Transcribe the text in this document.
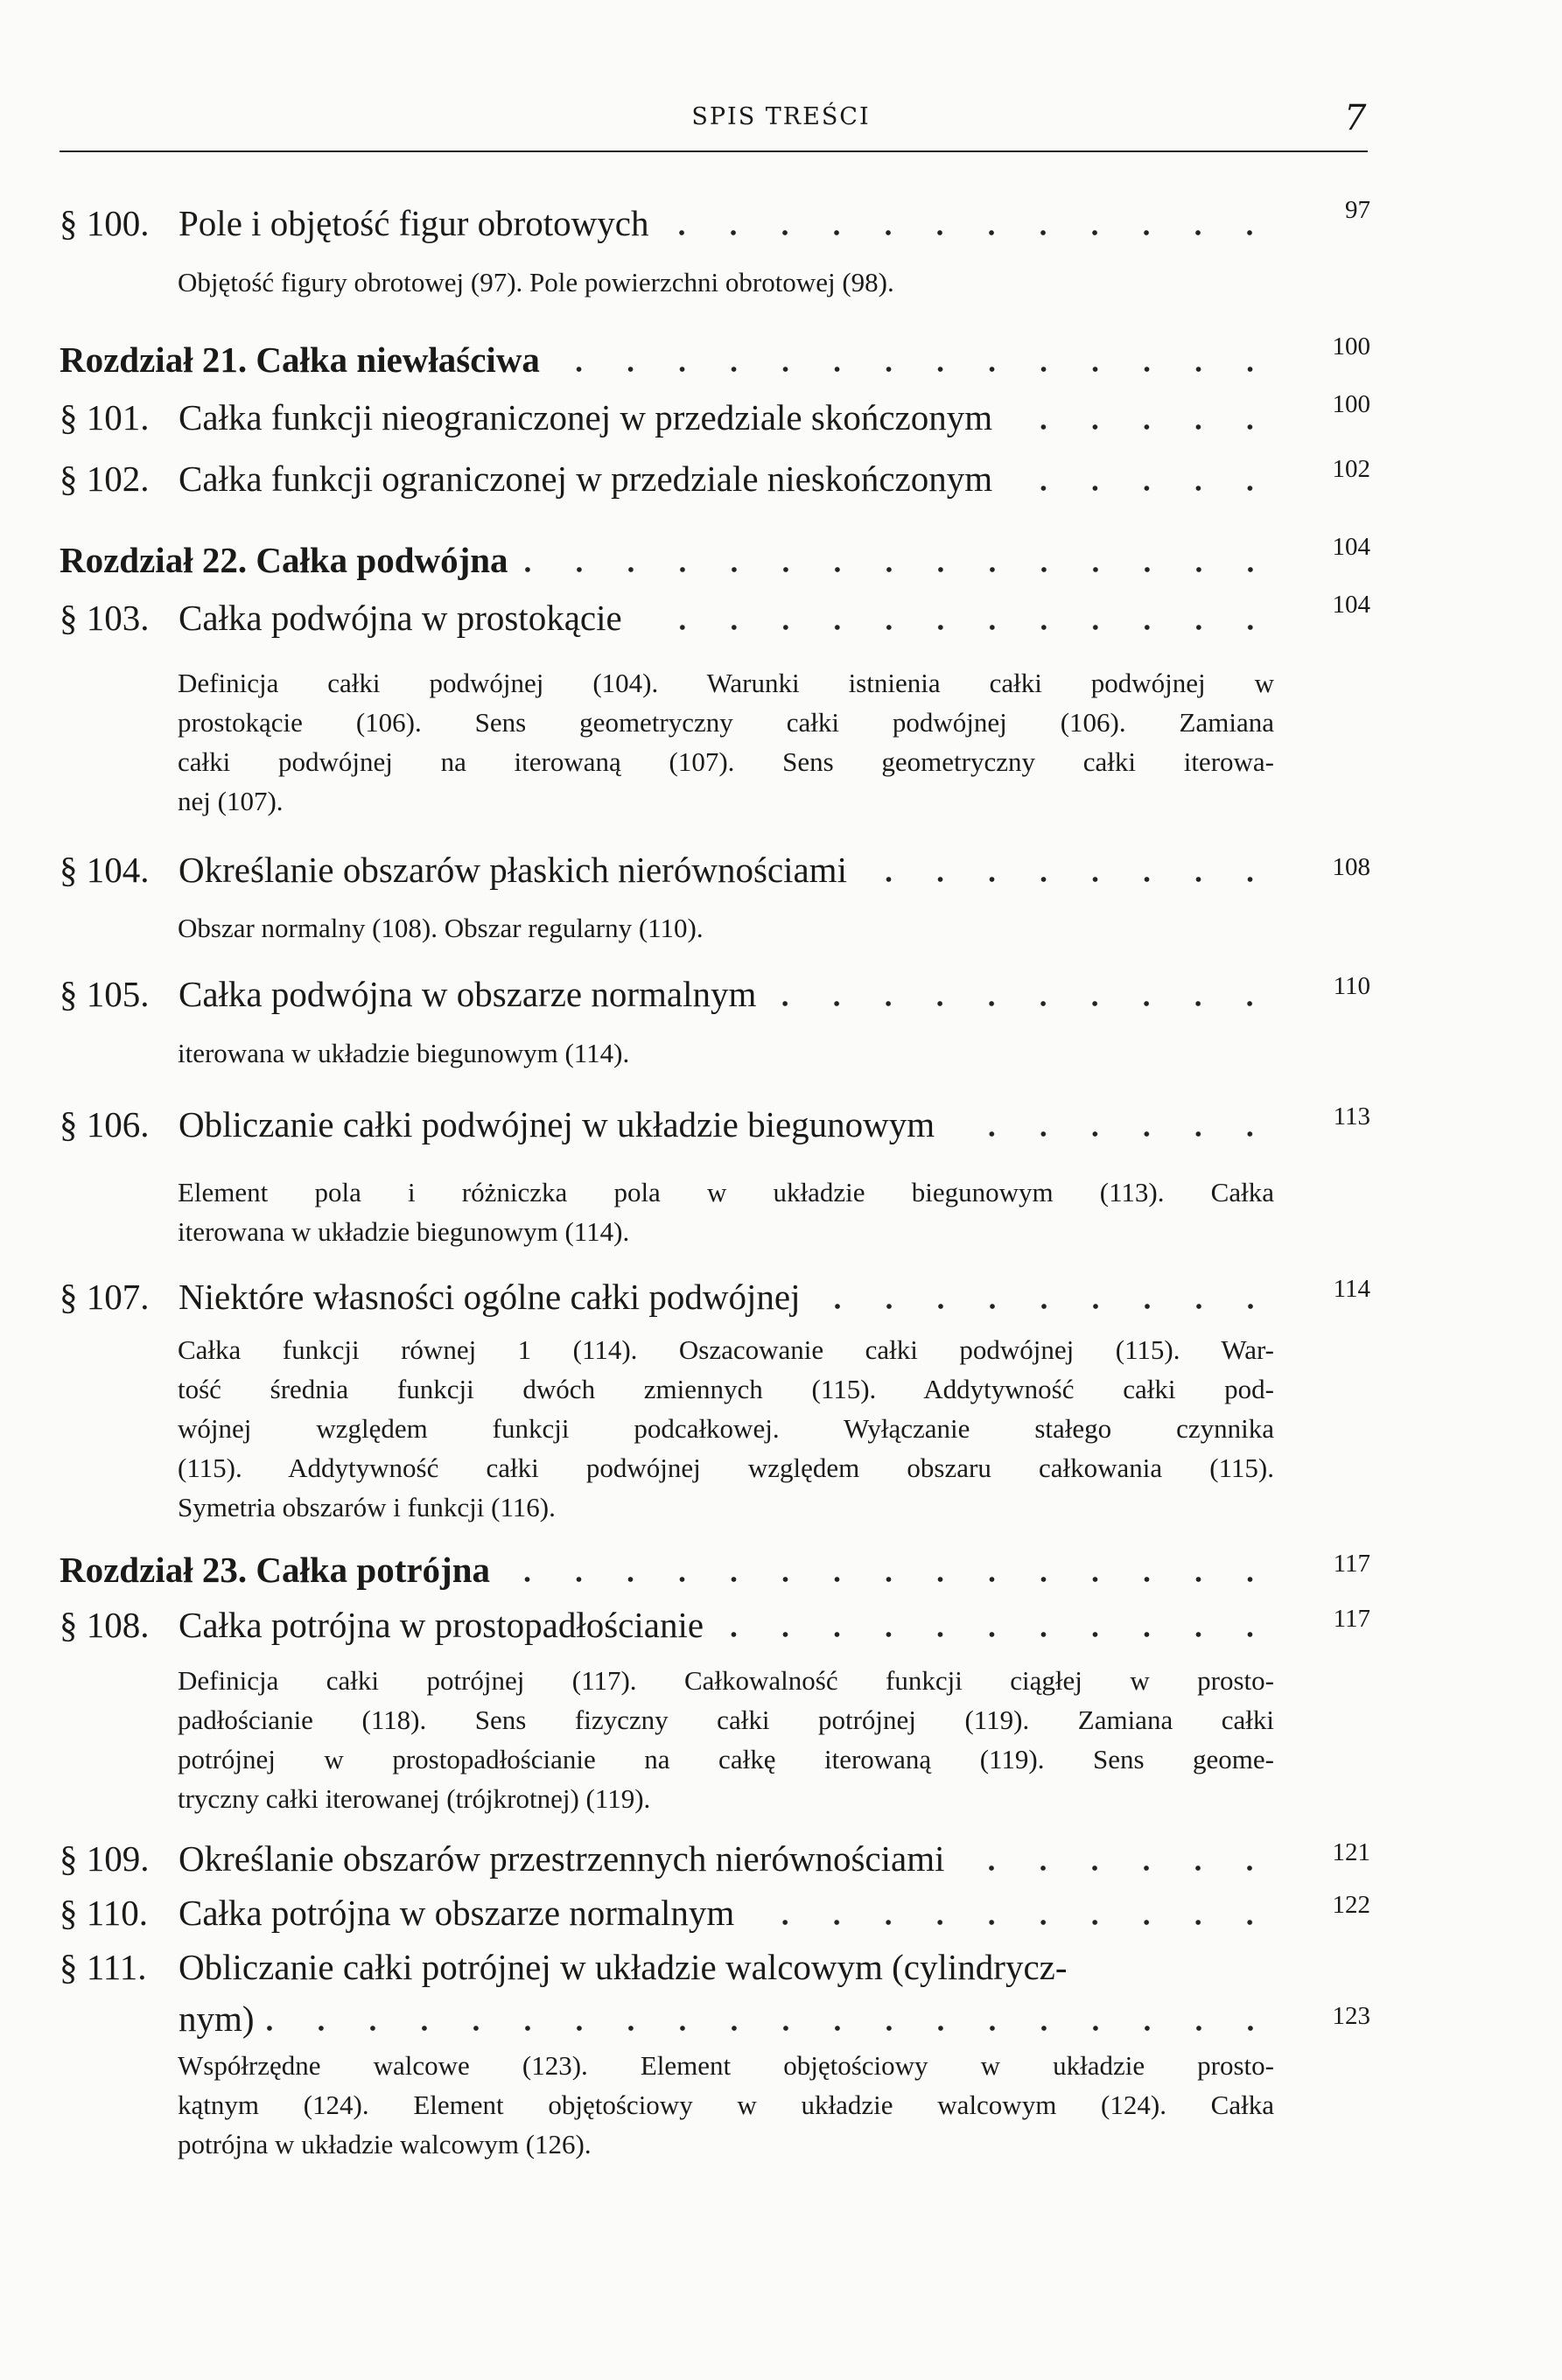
SPIS TREŚCI	7
§ 100. Pole i objętość figur obrotowych	97
Objętość figury obrotowej (97). Pole powierzchni obrotowej (98).
Rozdział 21. Całka niewłaściwa	100
§ 101. Całka funkcji nieograniczonej w przedziale skończonym	100
§ 102. Całka funkcji ograniczonej w przedziale nieskończonym	102
Rozdział 22. Całka podwójna	104
§ 103. Całka podwójna w prostokącie	104
Definicja całki podwójnej (104). Warunki istnienia całki podwójnej w
prostokącie (106). Sens geometryczny całki podwójnej (106). Zamiana
całki podwójnej na iterowaną (107). Sens geometryczny całki iterowa-
nej (107).
§ 104. Określanie obszarów płaskich nierównościami	108
Obszar normalny (108). Obszar regularny (110).
§ 105. Całka podwójna w obszarze normalnym	110
iterowana w układzie biegunowym (114).
§ 106. Obliczanie całki podwójnej w układzie biegunowym	113
Element pola i różniczka pola w układzie biegunowym (113). Całka
iterowana w układzie biegunowym (114).
§ 107. Niektóre własności ogólne całki podwójnej	114
Całka funkcji równej 1 (114). Oszacowanie całki podwójnej (115). War-
tość średnia funkcji dwóch zmiennych (115). Addytywność całki pod-
wójnej względem funkcji podcałkowej. Wyłączanie stałego czynnika
(115). Addytywność całki podwójnej względem obszaru całkowania (115).
Symetria obszarów i funkcji (116).
Rozdział 23. Całka potrójna	117
§ 108. Całka potrójna w prostopadłościanie	117
Definicja całki potrójnej (117). Całkowalność funkcji ciągłej w prosto-
padłościanie (118). Sens fizyczny całki potrójnej (119). Zamiana całki
potrójnej w prostopadłościanie na całkę iterowaną (119). Sens geome-
tryczny całki iterowanej (trójkrotnej) (119).
§ 109. Określanie obszarów przestrzennych nierównościami	121
§ 110. Całka potrójna w obszarze normalnym	122
§ 111. Obliczanie całki potrójnej w układzie walcowym (cylindrycz-
nym)	123
Współrzędne walcowe (123). Element objętościowy w układzie prosto-
kątnym (124). Element objętościowy w układzie walcowym (124). Całka
potrójna w układzie walcowym (126).
